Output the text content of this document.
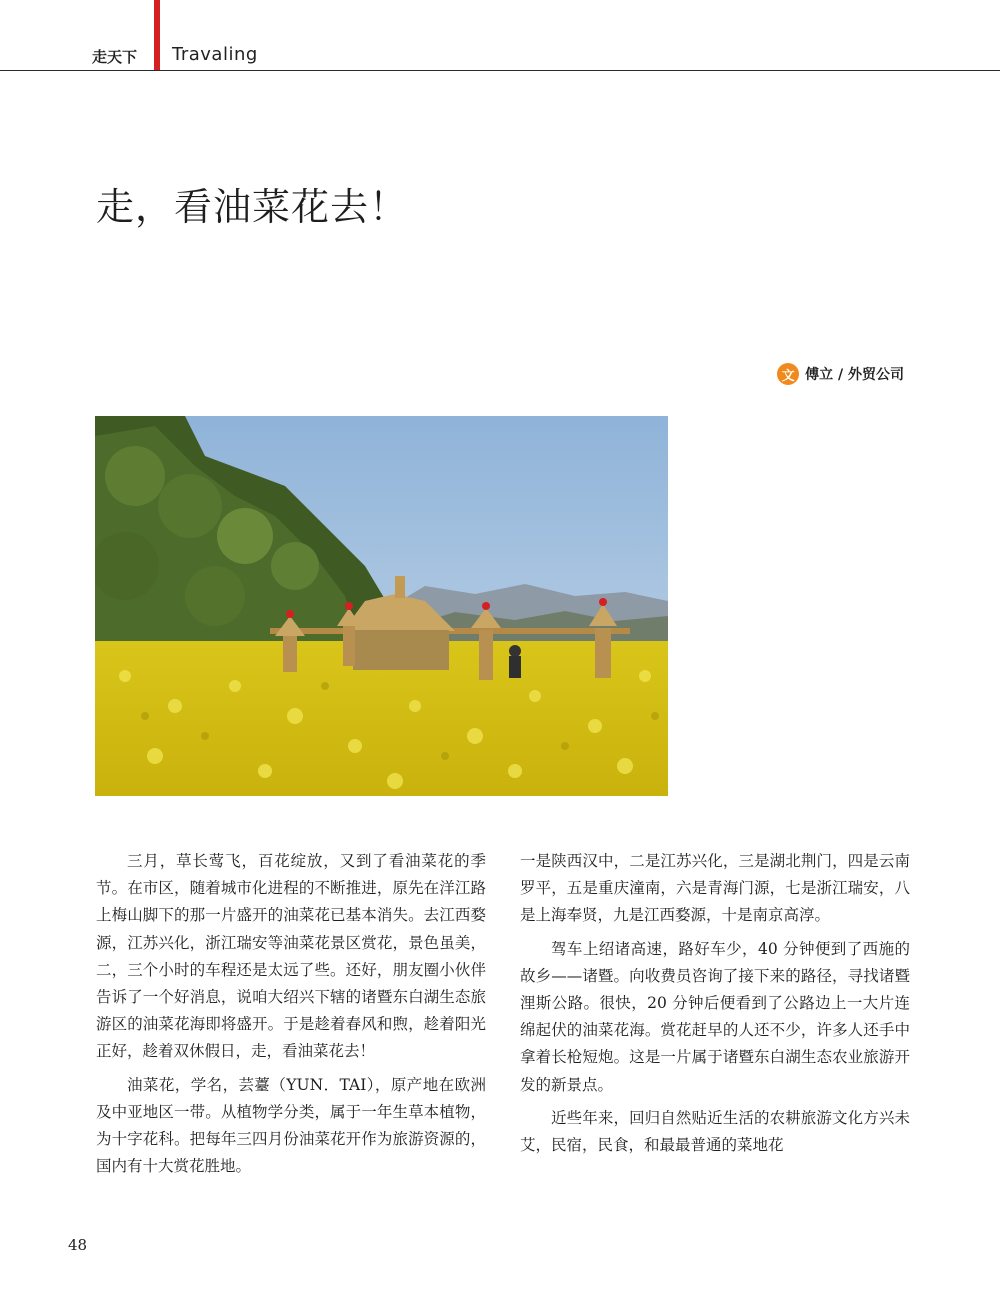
走天下 Travaling
走，看油菜花去！
文 傅立 / 外贸公司

三月，草长莺飞，百花绽放，又到了看油菜花的季节。在市区，随着城市化进程的不断推进，原先在洋江路上梅山脚下的那一片盛开的油菜花已基本消失。去江西婺源，江苏兴化，浙江瑞安等油菜花景区赏花，景色虽美，二，三个小时的车程还是太远了些。还好，朋友圈小伙伴告诉了一个好消息，说咱大绍兴下辖的诸暨东白湖生态旅游区的油菜花海即将盛开。于是趁着春风和煦，趁着阳光正好，趁着双休假日，走，看油菜花去！

油菜花，学名，芸薹（YUN．TAI），原产地在欧洲及中亚地区一带。从植物学分类，属于一年生草本植物，为十字花科。把每年三四月份油菜花开作为旅游资源的，国内有十大赏花胜地。

一是陕西汉中，二是江苏兴化，三是湖北荆门，四是云南罗平，五是重庆潼南，六是青海门源，七是浙江瑞安，八是上海奉贤，九是江西婺源，十是南京高淳。

驾车上绍诸高速，路好车少，40 分钟便到了西施的故乡——诸暨。向收费员咨询了接下来的路径，寻找诸暨浬斯公路。很快，20 分钟后便看到了公路边上一大片连绵起伏的油菜花海。赏花赶早的人还不少，许多人还手中拿着长枪短炮。这是一片属于诸暨东白湖生态农业旅游开发的新景点。

近些年来，回归自然贴近生活的农耕旅游文化方兴未艾，民宿，民食，和最最普通的菜地花

48
